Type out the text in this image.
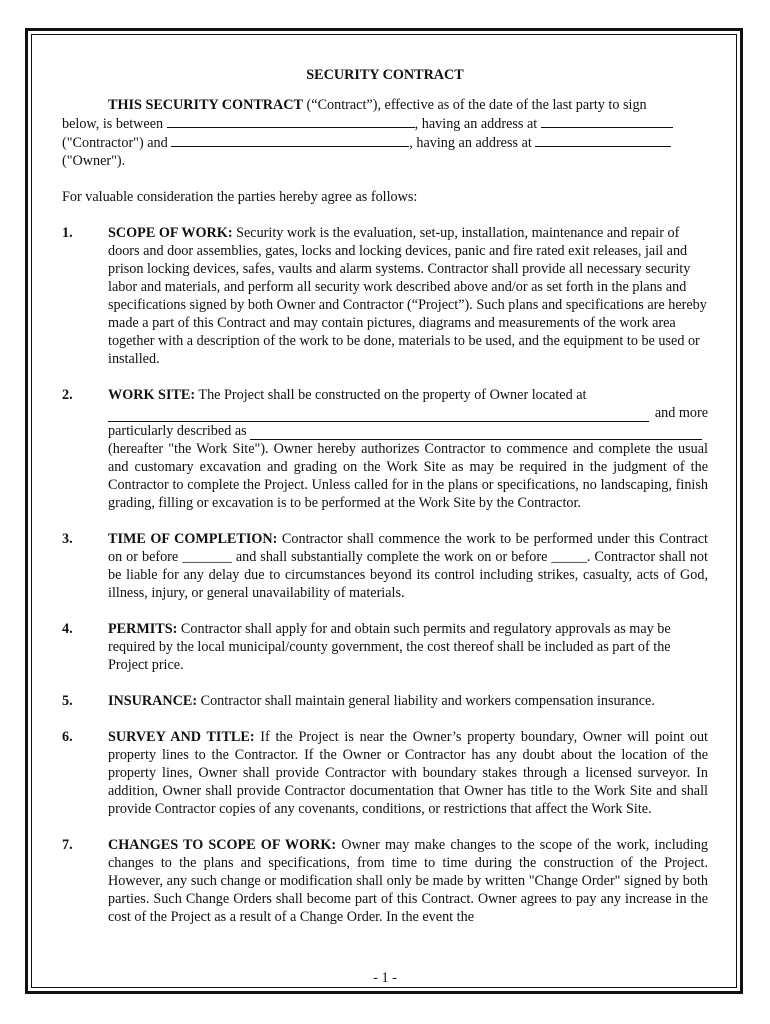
SECURITY CONTRACT

THIS SECURITY CONTRACT (“Contract”), effective as of the date of the last party to sign

below, is between	, having an address at

("Contractor") and	, having an address at

("Owner").

For valuable consideration the parties hereby agree as follows:

1. SCOPE OF WORK: Security work is the evaluation, set-up, installation, maintenance and repair of doors and door assemblies, gates, locks and locking devices, panic and fire rated exit releases, jail and prison locking devices, safes, vaults and alarm systems. Contractor shall provide all necessary security labor and materials, and perform all security work described above and/or as set forth in the plans and specifications signed by both Owner and Contractor (“Project”). Such plans and specifications are hereby made a part of this Contract and may contain pictures, diagrams and measurements of the work area together with a description of the work to be done, materials to be used, and the equipment to be used or installed.
2. WORK SITE: The Project shall be constructed on the property of Owner located at
and more
particularly described as
(hereafter "the Work Site"). Owner hereby authorizes Contractor to commence and complete the usual and customary excavation and grading on the Work Site as may be required in the judgment of the Contractor to complete the Project. Unless called for in the plans or specifications, no landscaping, finish grading, filling or excavation is to be performed at the Work Site by the Contractor.
3. TIME OF COMPLETION: Contractor shall commence the work to be performed under this Contract on or before _______ and shall substantially complete the work on or before _____. Contractor shall not be liable for any delay due to circumstances beyond its control including strikes, casualty, acts of God, illness, injury, or general unavailability of materials.
4. PERMITS: Contractor shall apply for and obtain such permits and regulatory approvals as may be required by the local municipal/county government, the cost thereof shall be included as part of the Project price.
5. INSURANCE: Contractor shall maintain general liability and workers compensation insurance.
6. SURVEY AND TITLE: If the Project is near the Owner’s property boundary, Owner will point out property lines to the Contractor. If the Owner or Contractor has any doubt about the location of the property lines, Owner shall provide Contractor with boundary stakes through a licensed surveyor. In addition, Owner shall provide Contractor documentation that Owner has title to the Work Site and shall provide Contractor copies of any covenants, conditions, or restrictions that affect the Work Site.
7. CHANGES TO SCOPE OF WORK: Owner may make changes to the scope of the work, including changes to the plans and specifications, from time to time during the construction of the Project. However, any such change or modification shall only be made by written "Change Order" signed by both parties. Such Change Orders shall become part of this Contract. Owner agrees to pay any increase in the cost of the Project as a result of a Change Order. In the event the
- 1 -
